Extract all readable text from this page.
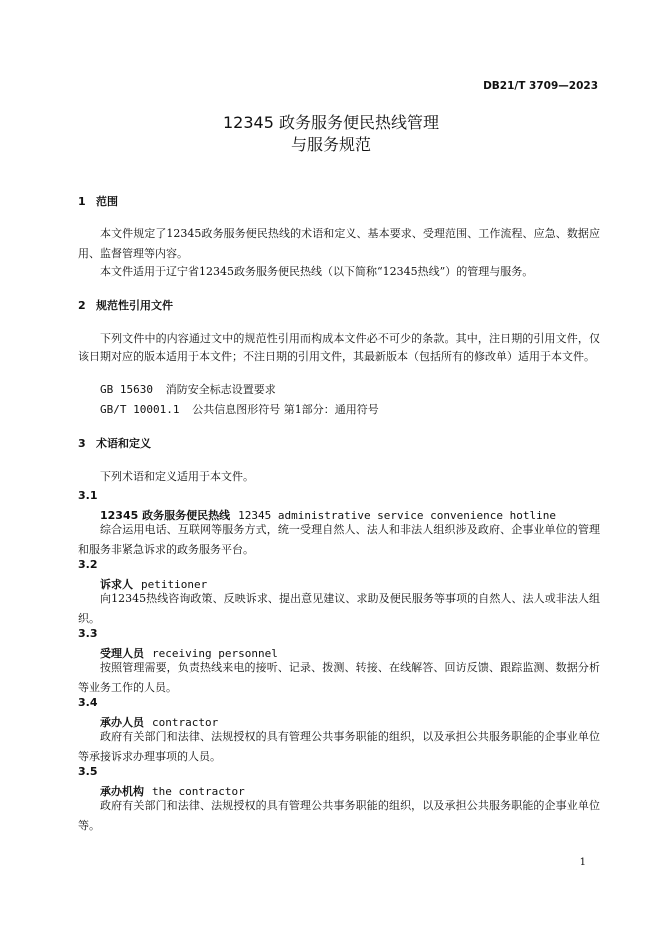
DB21/T 3709—2023
12345 政务服务便民热线管理
与服务规范
1 范围
本文件规定了12345政务服务便民热线的术语和定义、基本要求、受理范围、工作流程、应急、数据应用、监督管理等内容。
本文件适用于辽宁省12345政务服务便民热线（以下简称“12345热线”）的管理与服务。
2 规范性引用文件
下列文件中的内容通过文中的规范性引用而构成本文件必不可少的条款。其中，注日期的引用文件，仅该日期对应的版本适用于本文件；不注日期的引用文件，其最新版本（包括所有的修改单）适用于本文件。
GB 15630 消防安全标志设置要求
GB/T 10001.1 公共信息图形符号 第1部分：通用符号
3 术语和定义
下列术语和定义适用于本文件。
3.1
12345 政务服务便民热线 12345 administrative service convenience hotline
综合运用电话、互联网等服务方式，统一受理自然人、法人和非法人组织涉及政府、企事业单位的管理和服务非紧急诉求的政务服务平台。
3.2
诉求人 petitioner
向12345热线咨询政策、反映诉求、提出意见建议、求助及便民服务等事项的自然人、法人或非法人组织。
3.3
受理人员 receiving personnel
按照管理需要，负责热线来电的接听、记录、拨测、转接、在线解答、回访反馈、跟踪监测、数据分析等业务工作的人员。
3.4
承办人员 contractor
政府有关部门和法律、法规授权的具有管理公共事务职能的组织，以及承担公共服务职能的企事业单位等承接诉求办理事项的人员。
3.5
承办机构 the contractor
政府有关部门和法律、法规授权的具有管理公共事务职能的组织，以及承担公共服务职能的企事业单位等。
1
